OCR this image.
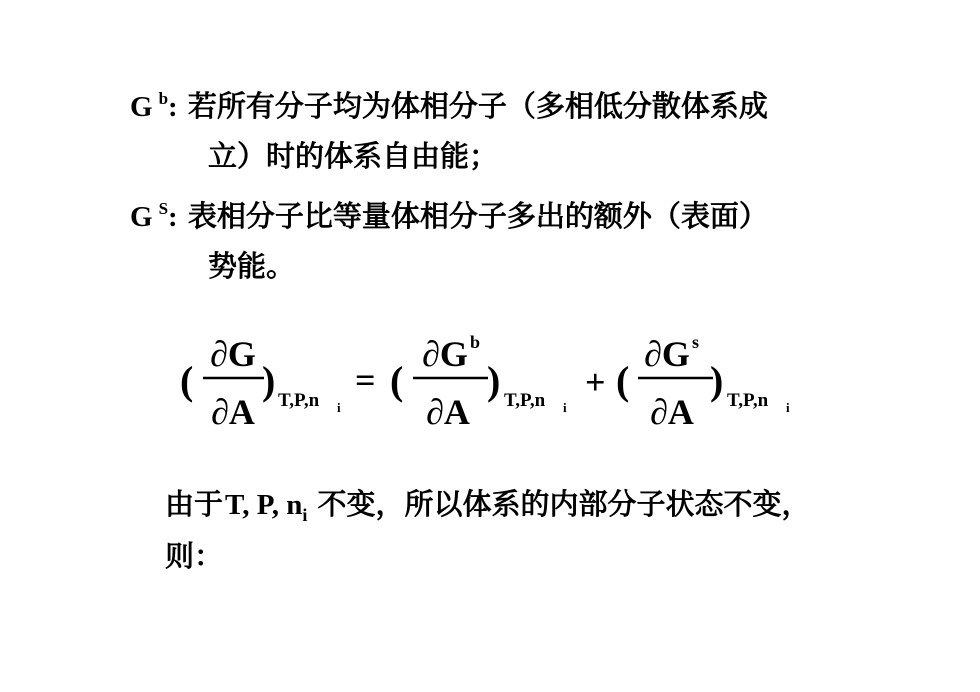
G $^b$: 若所有分子均为体相分子（多相低分散体系成
立）时的体系自由能；
G $^S$: 表相分子比等量体相分子多出的额外（表面）
势能。
(
∂G
∂A
) T,P,n i
= (
∂G b
∂A
) T,P,n i
+ (
∂G s
∂A
) T,P,n i
由于T, P, $n_i$ 不变，所以体系的内部分子状态不变，
则：
